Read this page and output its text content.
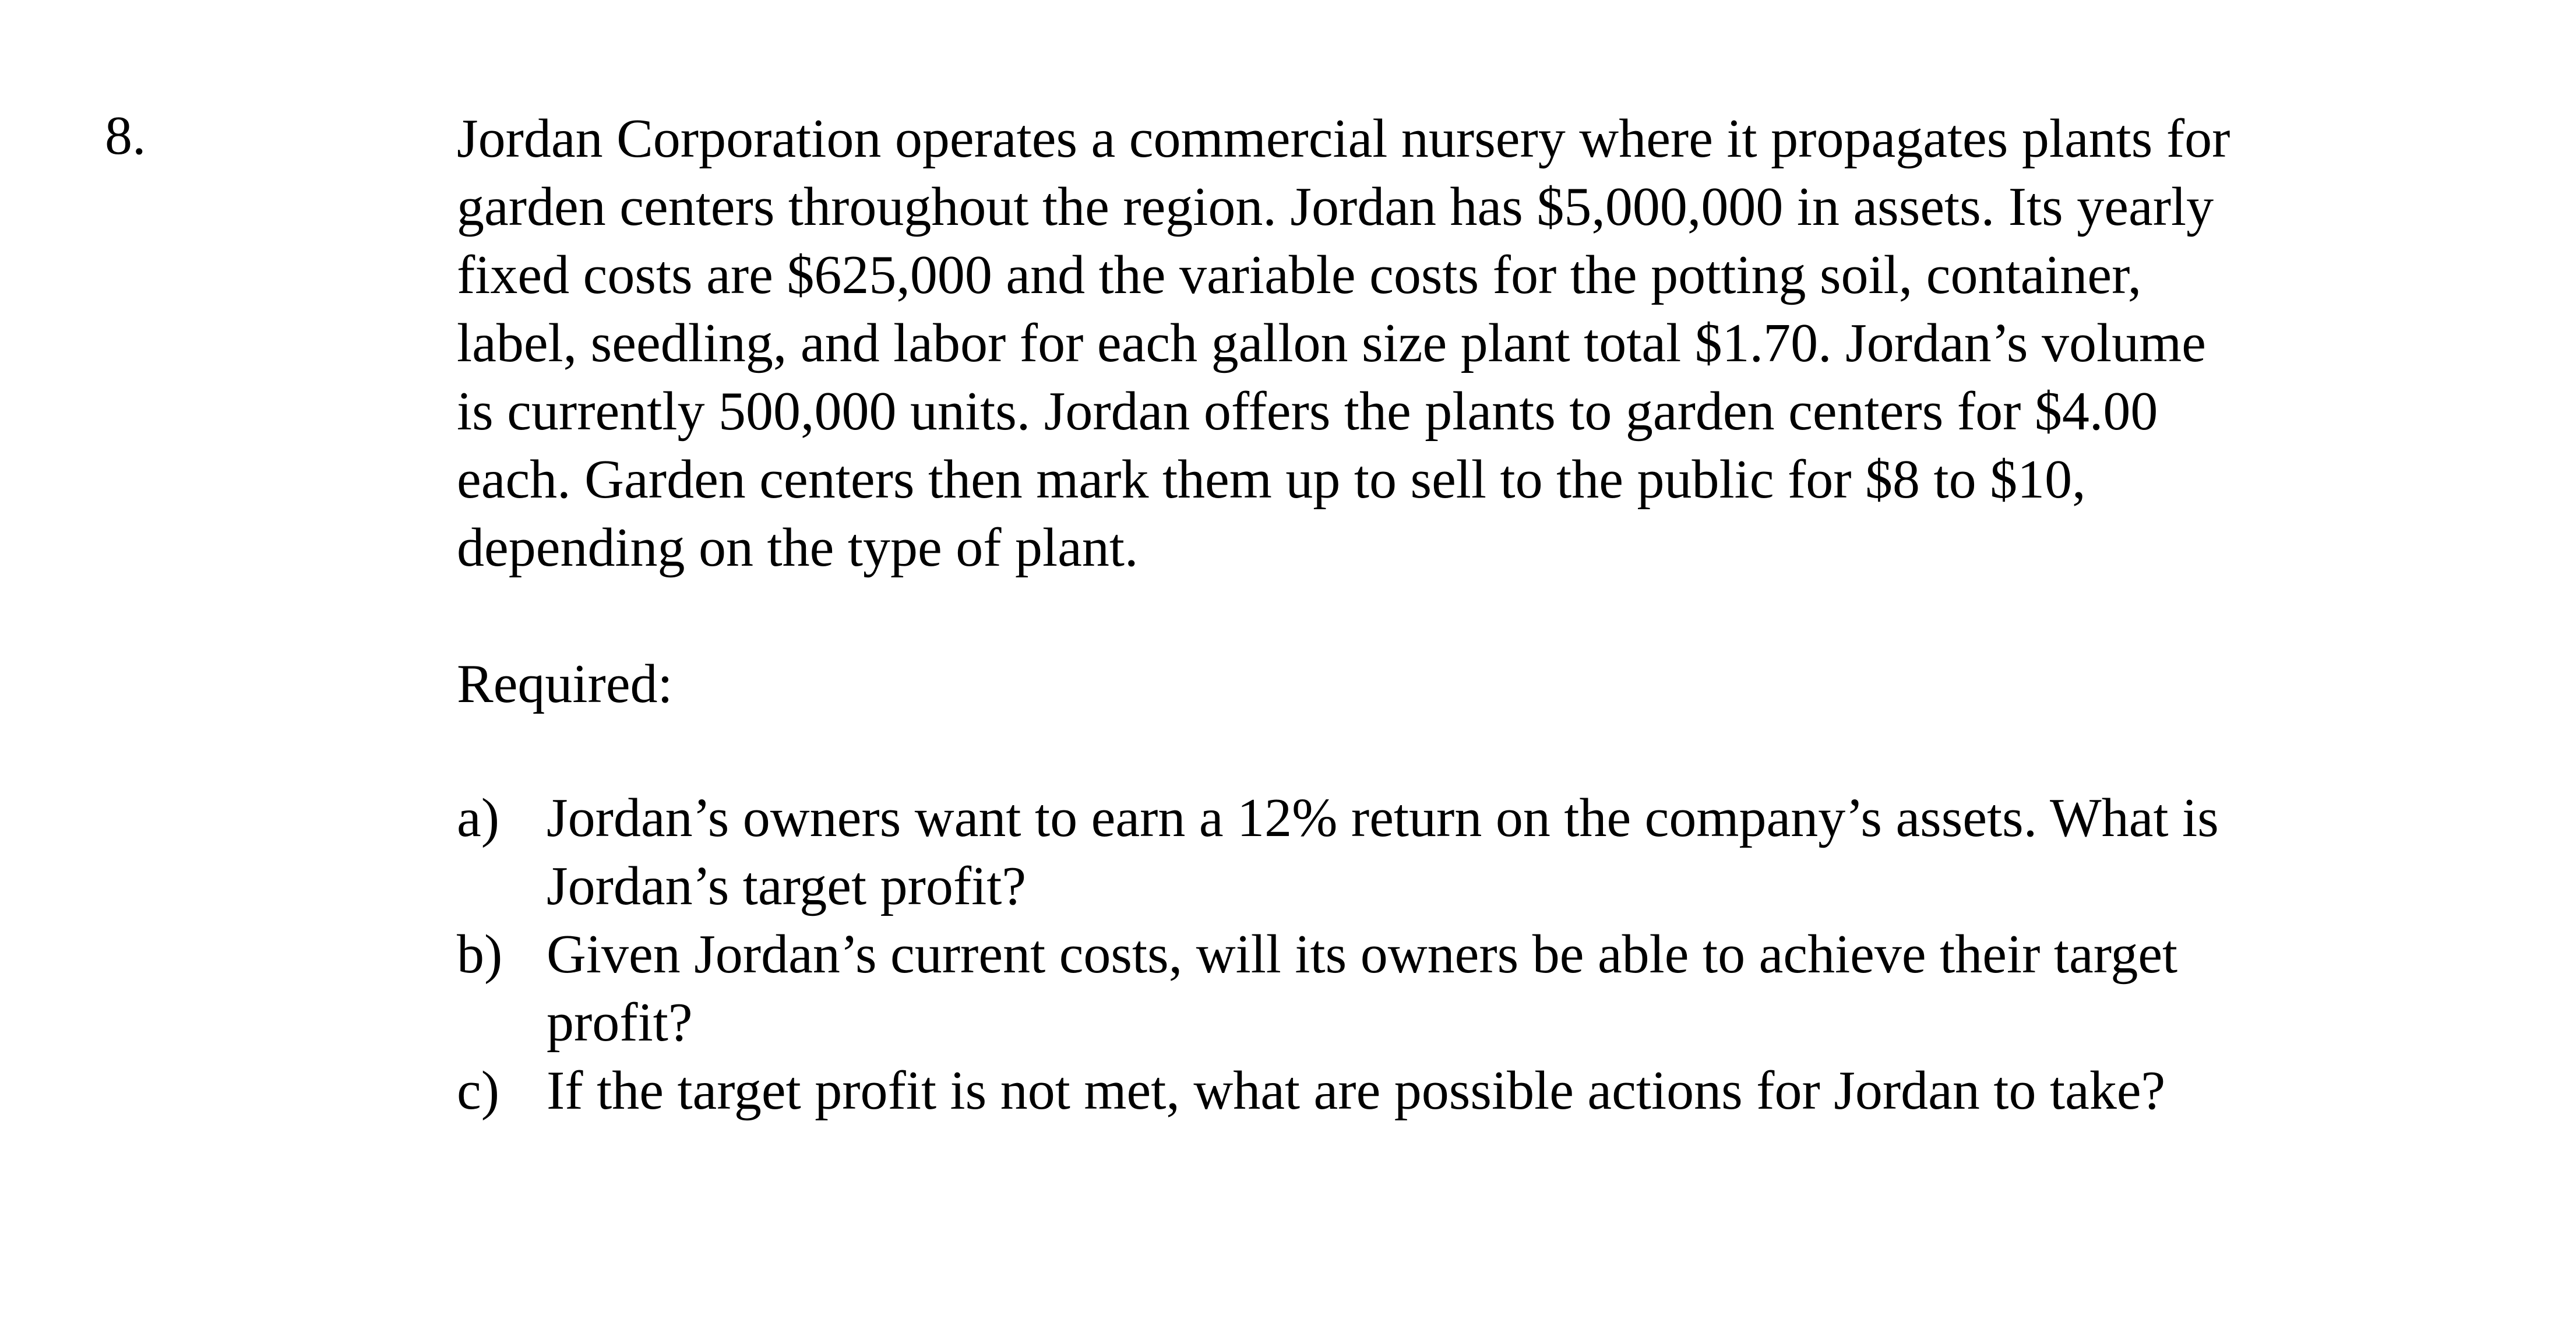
8.	Jordan Corporation operates a commercial nursery where it propagates plants for
garden centers throughout the region. Jordan has $5,000,000 in assets. Its yearly
fixed costs are $625,000 and the variable costs for the potting soil, container,
label, seedling, and labor for each gallon size plant total $1.70. Jordan’s volume
is currently 500,000 units. Jordan offers the plants to garden centers for $4.00
each. Garden centers then mark them up to sell to the public for $8 to $10,
depending on the type of plant.
Required:
a) Jordan’s owners want to earn a 12% return on the company’s assets. What is
Jordan’s target profit?
b) Given Jordan’s current costs, will its owners be able to achieve their target
profit?
c) If the target profit is not met, what are possible actions for Jordan to take?
